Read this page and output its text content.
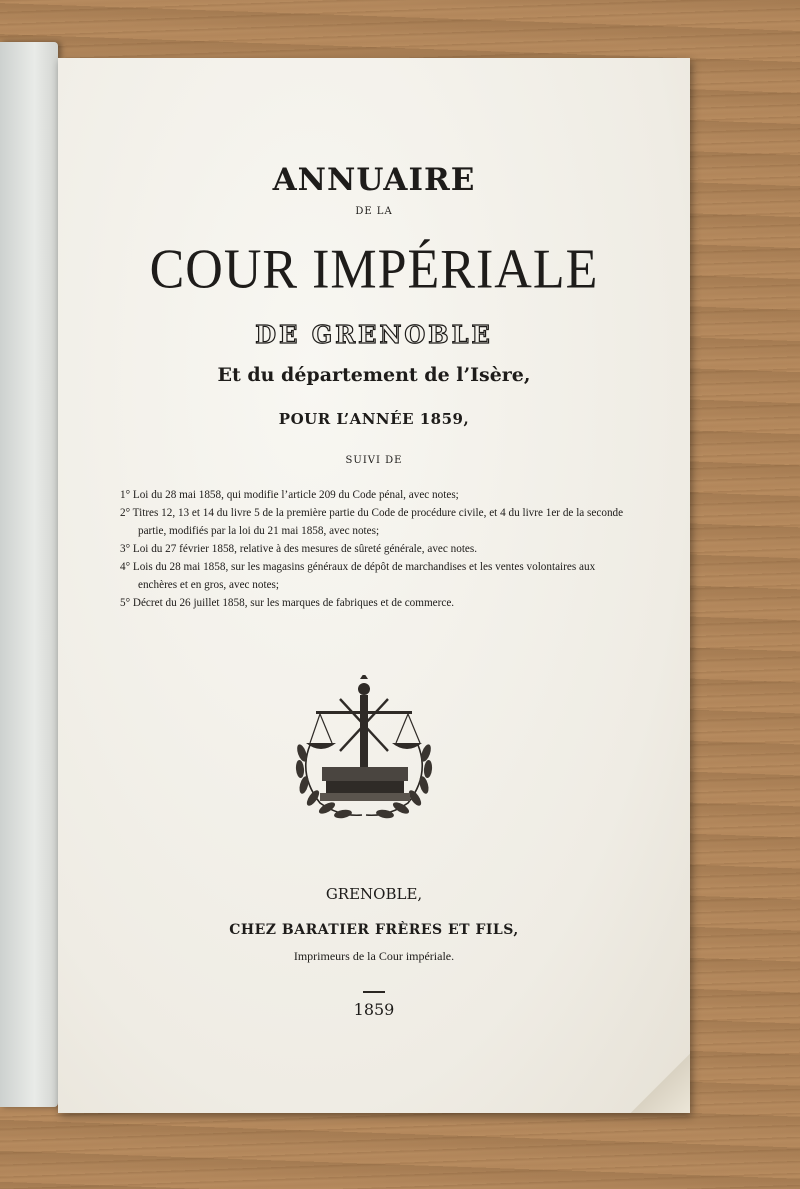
ANNUAIRE
DE LA
COUR IMPÉRIALE
DE GRENOBLE
Et du département de l’Isère,
POUR L’ANNÉE 1859,
SUIVI DE
1° Loi du 28 mai 1858, qui modifie l’article 209 du Code pénal, avec notes;
2° Titres 12, 13 et 14 du livre 5 de la première partie du Code de procédure civile, et 4 du livre 1er de la seconde partie, modifiés par la loi du 21 mai 1858, avec notes;
3° Loi du 27 février 1858, relative à des mesures de sûreté générale, avec notes.
4° Lois du 28 mai 1858, sur les magasins généraux de dépôt de marchandises et les ventes volontaires aux enchères et en gros, avec notes;
5° Décret du 26 juillet 1858, sur les marques de fabriques et de commerce.
GRENOBLE,
CHEZ BARATIER FRÈRES ET FILS,
Imprimeurs de la Cour impériale.
1859
